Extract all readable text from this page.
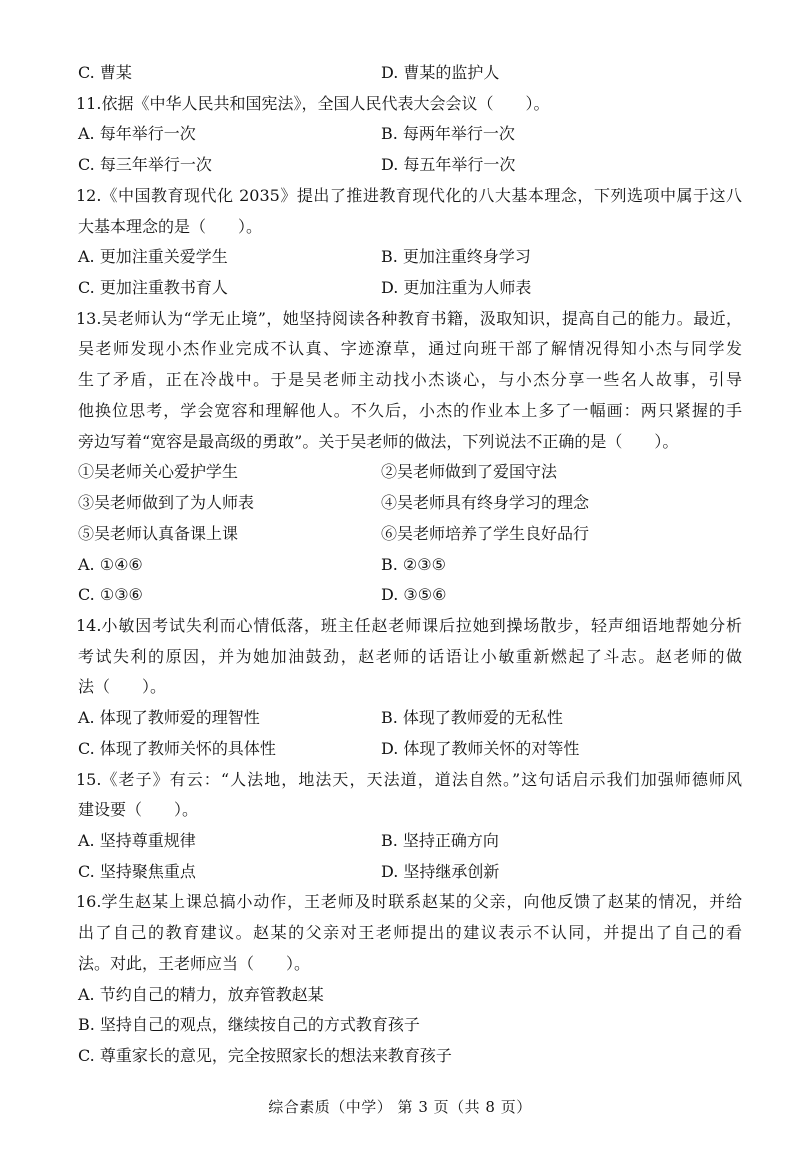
C. 曹某	D. 曹某的监护人
11. 依据《中华人民共和国宪法》，全国人民代表大会会议（　　）。
A. 每年举行一次	B. 每两年举行一次
C. 每三年举行一次	D. 每五年举行一次
12. 《中国教育现代化 2035》提出了推进教育现代化的八大基本理念，下列选项中属于这八
大基本理念的是（　　）。
A. 更加注重关爱学生	B. 更加注重终身学习
C. 更加注重教书育人	D. 更加注重为人师表
13. 吴老师认为“学无止境”，她坚持阅读各种教育书籍，汲取知识，提高自己的能力。最近，
吴老师发现小杰作业完成不认真、字迹潦草，通过向班干部了解情况得知小杰与同学发
生了矛盾，正在冷战中。于是吴老师主动找小杰谈心，与小杰分享一些名人故事，引导
他换位思考，学会宽容和理解他人。不久后，小杰的作业本上多了一幅画：两只紧握的手
旁边写着“宽容是最高级的勇敢”。关于吴老师的做法，下列说法不正确的是（　　）。
①吴老师关心爱护学生	②吴老师做到了爱国守法
③吴老师做到了为人师表	④吴老师具有终身学习的理念
⑤吴老师认真备课上课	⑥吴老师培养了学生良好品行
A. ①④⑥	B. ②③⑤
C. ①③⑥	D. ③⑤⑥
14. 小敏因考试失利而心情低落，班主任赵老师课后拉她到操场散步，轻声细语地帮她分析
考试失利的原因，并为她加油鼓劲，赵老师的话语让小敏重新燃起了斗志。赵老师的做
法（　　）。
A. 体现了教师爱的理智性	B. 体现了教师爱的无私性
C. 体现了教师关怀的具体性	D. 体现了教师关怀的对等性
15. 《老子》有云：“人法地，地法天，天法道，道法自然。”这句话启示我们加强师德师风
建设要（　　）。
A. 坚持尊重规律	B. 坚持正确方向
C. 坚持聚焦重点	D. 坚持继承创新
16. 学生赵某上课总搞小动作，王老师及时联系赵某的父亲，向他反馈了赵某的情况，并给
出了自己的教育建议。赵某的父亲对王老师提出的建议表示不认同，并提出了自己的看
法。对此，王老师应当（　　）。
A. 节约自己的精力，放弃管教赵某
B. 坚持自己的观点，继续按自己的方式教育孩子
C. 尊重家长的意见，完全按照家长的想法来教育孩子
综合素质（中学） 第 3 页（共 8 页）
